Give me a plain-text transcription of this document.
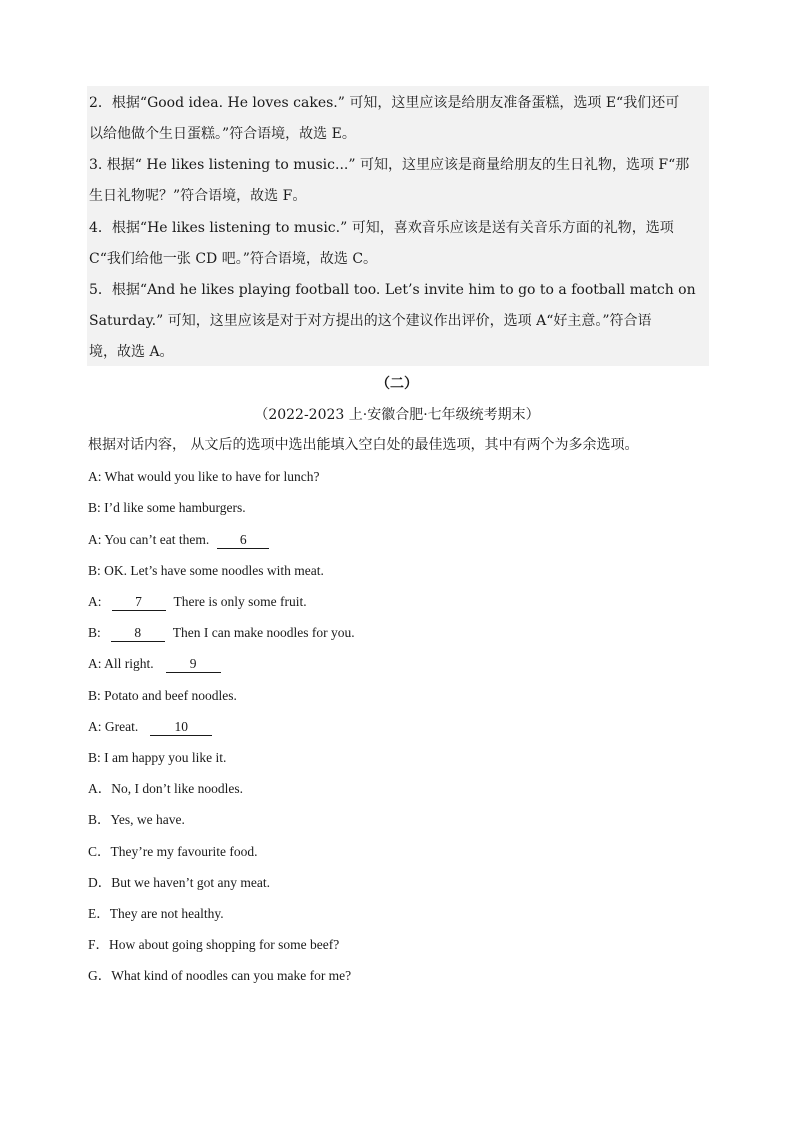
2．根据“Good idea. He loves cakes.” 可知，这里应该是给朋友准备蛋糕，选项 E“我们还可
以给他做个生日蛋糕。”符合语境，故选 E。
3. 根据“ He likes listening to music...” 可知，这里应该是商量给朋友的生日礼物，选项 F“那
生日礼物呢？”符合语境，故选 F。
4．根据“He likes listening to music.” 可知，喜欢音乐应该是送有关音乐方面的礼物，选项
C“我们给他一张 CD 吧。”符合语境，故选 C。
5．根据“And he likes playing football too. Let’s invite him to go to a football match on
Saturday.” 可知，这里应该是对于对方提出的这个建议作出评价，选项 A“好主意。”符合语
境，故选 A。
（二）
（2022-2023 上·安徽合肥·七年级统考期末）
根据对话内容， 从文后的选项中选出能填入空白处的最佳选项，其中有两个为多余选项。
A: What would you like to have for lunch?
B: I’d like some hamburgers.
A: You can’t eat them. 6
B: OK. Let’s have some noodles with meat.
A: 7 There is only some fruit.
B: 8 Then I can make noodles for you.
A: All right.	9
B: Potato and beef noodles.
A: Great.	10
B: I am happy you like it.
A．No, I don’t like noodles.
B．Yes, we have.
C．They’re my favourite food.
D．But we haven’t got any meat.
E．They are not healthy.
F．How about going shopping for some beef?
G．What kind of noodles can you make for me?
